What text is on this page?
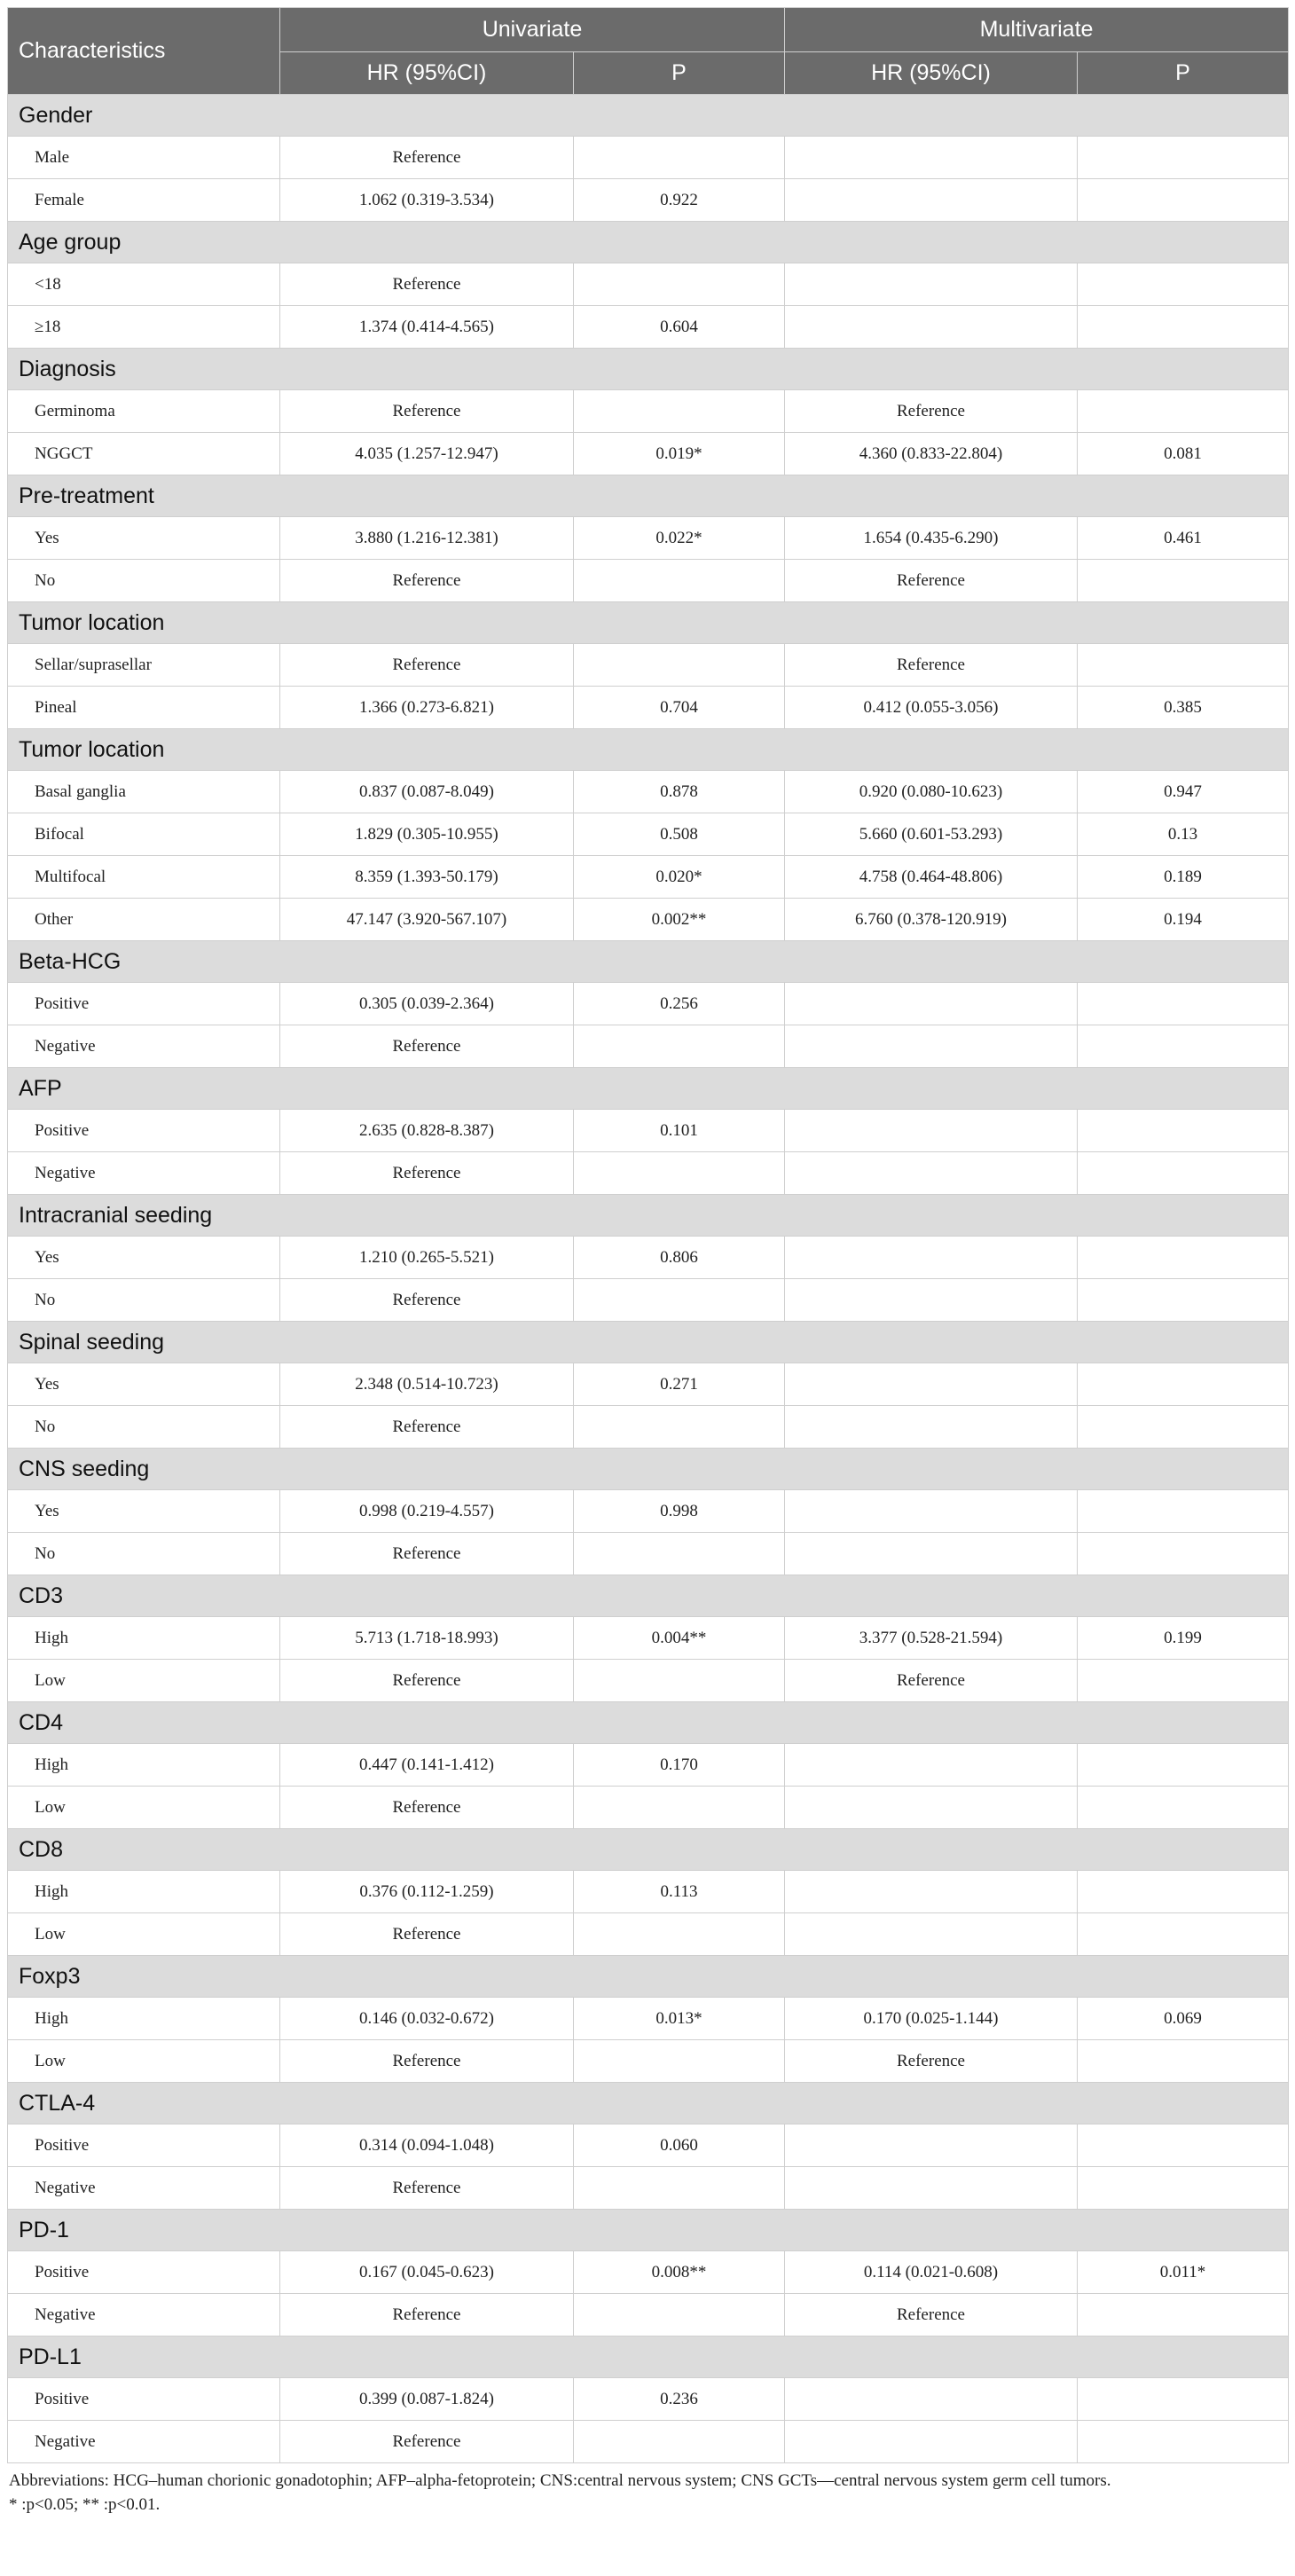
Characteristics	Univariate		Multivariate	
	HR (95%CI)	P	HR (95%CI)	P
Gender				
Male	Reference			
Female	1.062 (0.319-3.534)	0.922		
Age group				
<18	Reference			
≥18	1.374 (0.414-4.565)	0.604		
Diagnosis				
Germinoma	Reference		Reference	
NGGCT	4.035 (1.257-12.947)	0.019*	4.360 (0.833-22.804)	0.081
Pre-treatment				
Yes	3.880 (1.216-12.381)	0.022*	1.654 (0.435-6.290)	0.461
No	Reference		Reference	
Tumor location				
Sellar/suprasellar	Reference		Reference	
Pineal	1.366 (0.273-6.821)	0.704	0.412 (0.055-3.056)	0.385
Tumor location				
Basal ganglia	0.837 (0.087-8.049)	0.878	0.920 (0.080-10.623)	0.947
Bifocal	1.829 (0.305-10.955)	0.508	5.660 (0.601-53.293)	0.13
Multifocal	8.359 (1.393-50.179)	0.020*	4.758 (0.464-48.806)	0.189
Other	47.147 (3.920-567.107)	0.002**	6.760 (0.378-120.919)	0.194
Beta-HCG				
Positive	0.305 (0.039-2.364)	0.256		
Negative	Reference			
AFP				
Positive	2.635 (0.828-8.387)	0.101		
Negative	Reference			
Intracranial seeding				
Yes	1.210 (0.265-5.521)	0.806		
No	Reference			
Spinal seeding				
Yes	2.348 (0.514-10.723)	0.271		
No	Reference			
CNS seeding				
Yes	0.998 (0.219-4.557)	0.998		
No	Reference			
CD3				
High	5.713 (1.718-18.993)	0.004**	3.377 (0.528-21.594)	0.199
Low	Reference		Reference	
CD4				
High	0.447 (0.141-1.412)	0.170		
Low	Reference			
CD8				
High	0.376 (0.112-1.259)	0.113		
Low	Reference			
Foxp3				
High	0.146 (0.032-0.672)	0.013*	0.170 (0.025-1.144)	0.069
Low	Reference		Reference	
CTLA-4				
Positive	0.314 (0.094-1.048)	0.060		
Negative	Reference			
PD-1				
Positive	0.167 (0.045-0.623)	0.008**	0.114 (0.021-0.608)	0.011*
Negative	Reference		Reference	
PD-L1				
Positive	0.399 (0.087-1.824)	0.236		
Negative	Reference			
Abbreviations: HCG–human chorionic gonadotophin; AFP–alpha-fetoprotein; CNS:central nervous system; CNS GCTs—central nervous system germ cell tumors.
* :p<0.05; ** :p<0.01.
